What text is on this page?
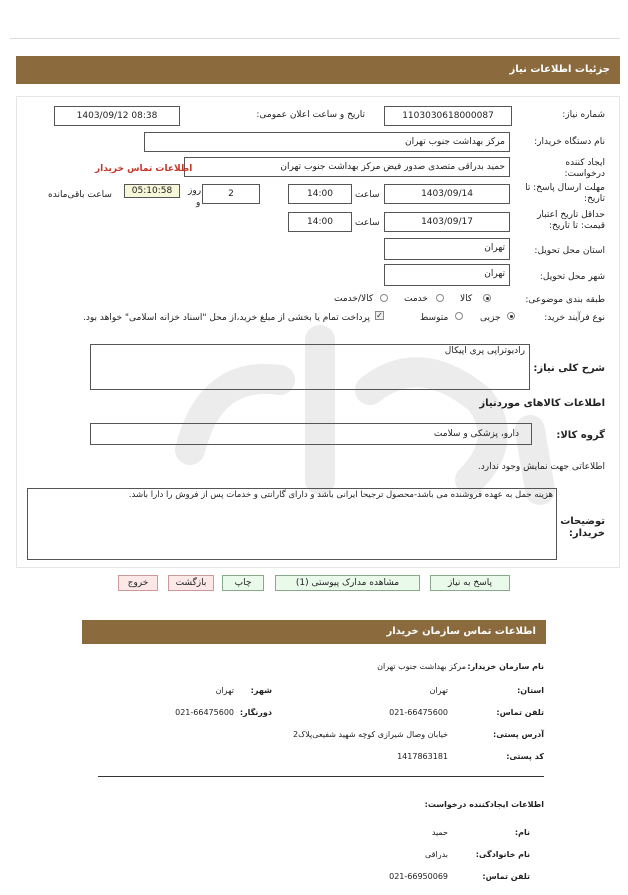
جزئیات اطلاعات نیاز
شماره نیاز:
1103030618000087
تاریخ و ساعت اعلان عمومی:
1403/09/12 08:38
نام دستگاه خریدار:
مرکز بهداشت جنوب تهران
ایجاد کننده درخواست:
حمید بدراقی متصدی صدور فیض مرکز بهداشت جنوب تهران
اطلاعات تماس خریدار
مهلت ارسال پاسخ: تا تاریخ:
1403/09/14
ساعت
14:00
2
روز
و
05:10:58
ساعت باقی‌مانده
حداقل تاریخ اعتبار قیمت: تا تاریخ:
1403/09/17
ساعت
14:00
استان محل تحویل:
تهران
شهر محل تحویل:
تهران
طبقه بندی موضوعی:
کالا
خدمت
کالا/خدمت
نوع فرآیند خرید:
جزیی
متوسط
✓
پرداخت تمام یا بخشی از مبلغ خرید،از محل "اسناد خزانه اسلامی" خواهد بود.
رادیوتراپی پری اپیکال
شرح کلی نیاز:
اطلاعات کالاهای موردنیاز
دارو، پزشکی و سلامت	گروه کالا:
اطلاعاتی جهت نمایش وجود ندارد.
هزینه حمل به عهده فروشنده می باشد-محصول ترجیحا ایرانی باشد و دارای گارانتی و خدمات پس از فروش را دارا باشد.
توضیحات خریدار:
پاسخ به نیاز
مشاهده مدارک پیوستی (1)
چاپ
بازگشت
خروج
اطلاعات تماس سازمان خریدار
نام سازمان خریدار:
مرکز بهداشت جنوب تهران
استان:
تهران
شهر:
تهران
تلفن تماس:
021-66475600
دورنگار:
021-66475600
آدرس پستی:
خیابان وصال شیرازی کوچه شهید شفیعی‌پلاک2
کد پستی:
1417863181
اطلاعات ایجادکننده درخواست:
نام:
حمید
نام خانوادگی:
بدراقی
تلفن تماس:
021-66950069
